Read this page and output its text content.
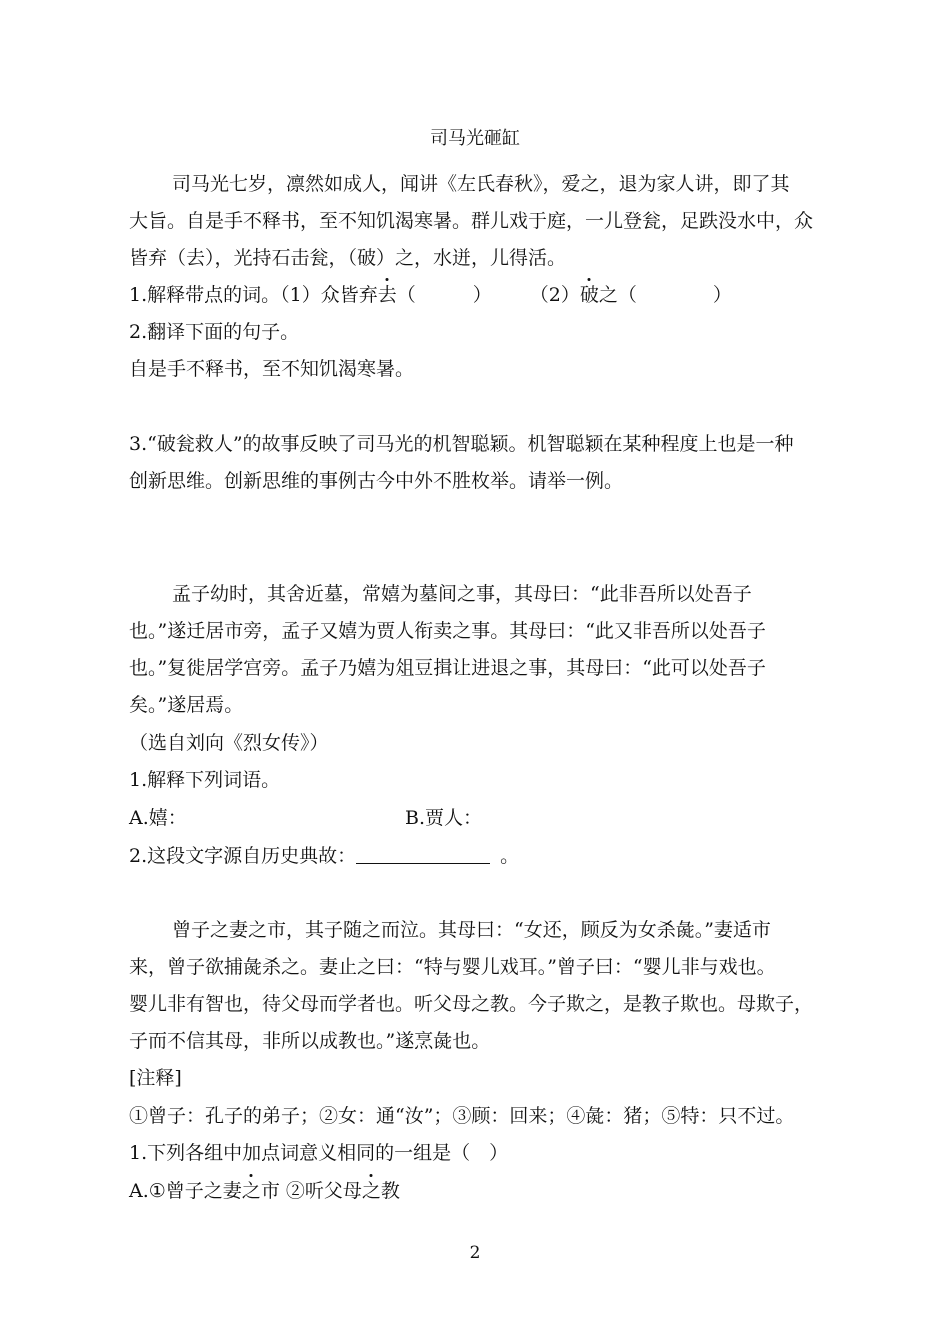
司马光砸缸
司马光七岁，凛然如成人，闻讲《左氏春秋》，爱之，退为家人讲，即了其
大旨。自是手不释书，至不知饥渴寒暑。群儿戏于庭，一儿登瓮，足跌没水中，众
皆弃（去），光持石击瓮，（破）之，水迸，儿得活。
1.解释带点的词。（1）众皆弃去（　　　）　　　（2）破之（　　　　）
2.翻译下面的句子。
自是手不释书，至不知饥渴寒暑。
3.“破瓮救人”的故事反映了司马光的机智聪颖。机智聪颖在某种程度上也是一种
创新思维。创新思维的事例古今中外不胜枚举。请举一例。
孟子幼时，其舍近墓，常嬉为墓间之事，其母曰：“此非吾所以处吾子
也。”遂迁居市旁，孟子又嬉为贾人衔卖之事。其母曰：“此又非吾所以处吾子
也。”复徙居学宫旁。孟子乃嬉为俎豆揖让进退之事，其母曰：“此可以处吾子
矣。”遂居焉。
（选自刘向《烈女传》）
1.解释下列词语。
A.嬉：	B.贾人：
2.这段文字源自历史典故：	。
曾子之妻之市，其子随之而泣。其母曰：“女还，顾反为女杀彘。”妻适市
来，曾子欲捕彘杀之。妻止之曰：“特与婴儿戏耳。”曾子曰：“婴儿非与戏也。
婴儿非有智也，待父母而学者也。听父母之教。今子欺之，是教子欺也。母欺子，
子而不信其母，非所以成教也。”遂烹彘也。
[注释]
①曾子：孔子的弟子；②女：通“汝”；③顾：回来；④彘：猪；⑤特：只不过。
1.下列各组中加点词意义相同的一组是（　）
A.①曾子之妻之市 ②听父母之教
2
